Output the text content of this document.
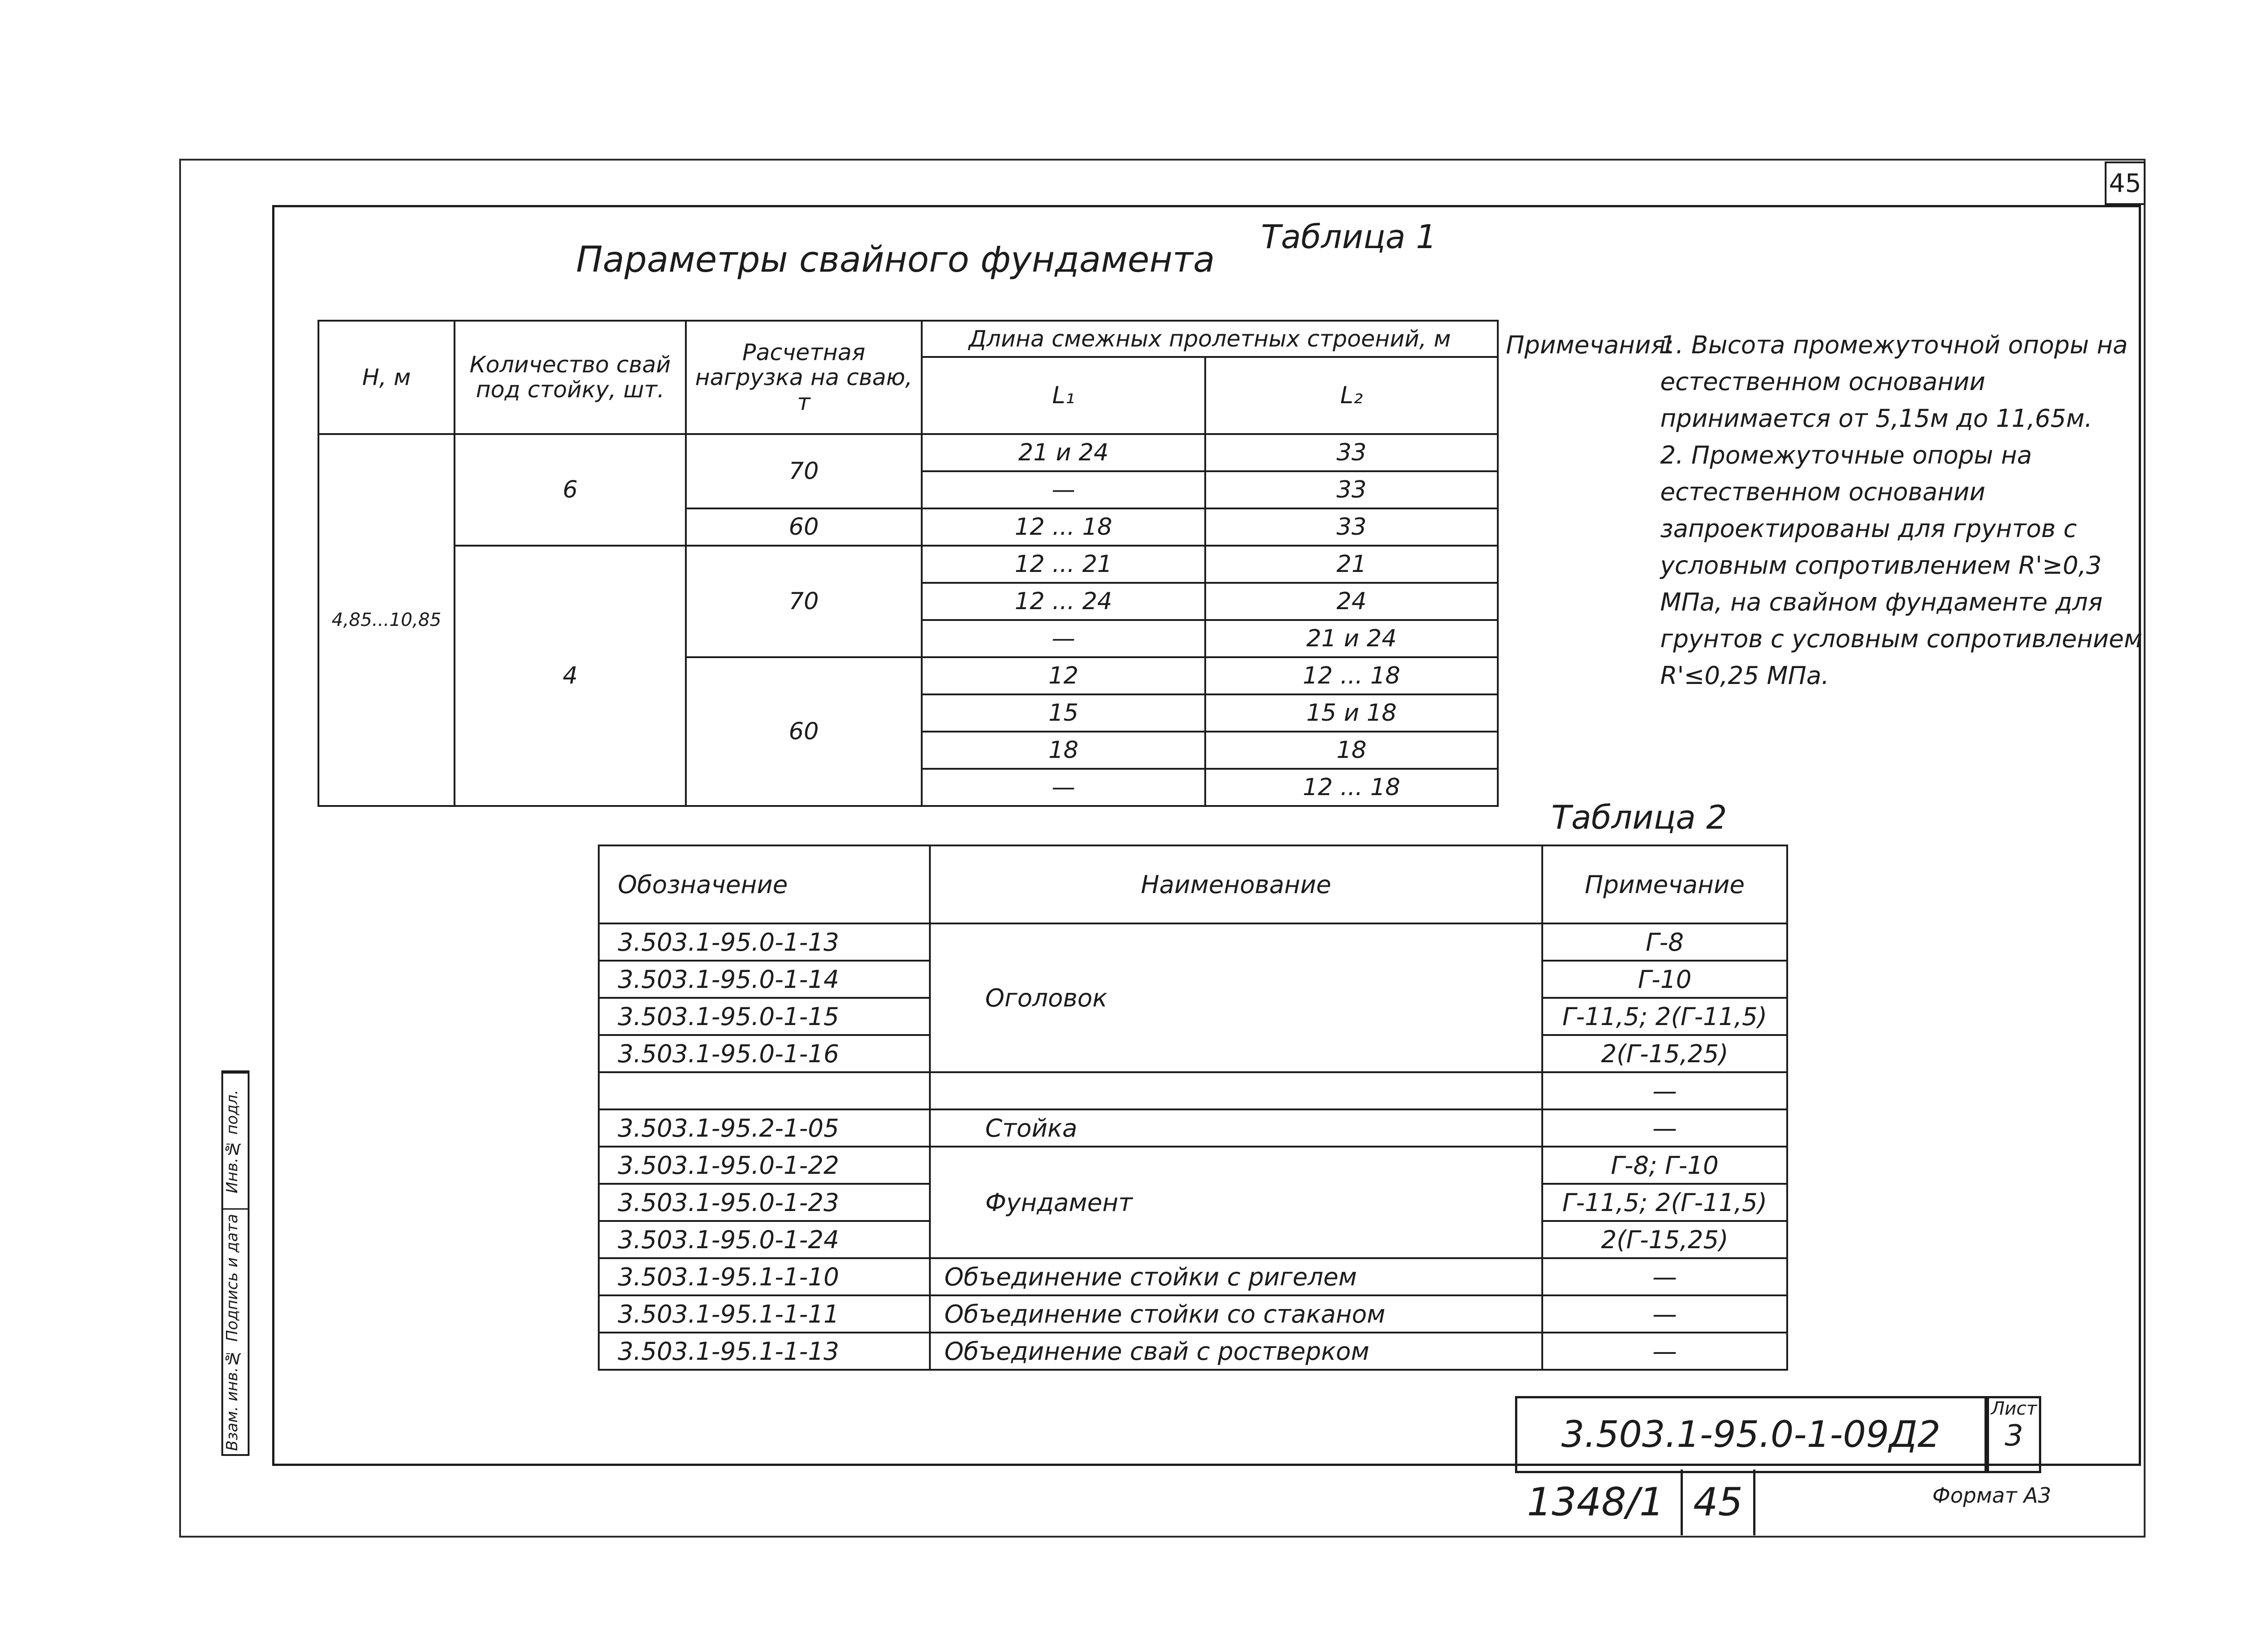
45
Параметры свайного фундамента
Таблица 1
Н, м	Количество свай под стойку, шт.	Расчетная нагрузка на сваю, т	Длина смежных пролетных строений, м	
			L₁	L₂
4,85...10,85	6	70	21 и 24	33
			—	33
		60	12 ... 18	33
	4	70	12 ... 21	21
			12 ... 24	24
			—	21 и 24
		60	12	12 ... 18
			15	15 и 18
			18	18
			—	12 ... 18
Примечания:
1. Высота промежуточной опоры на естественном основании принимается от 5,15м до 11,65м.
2. Промежуточные опоры на естественном основании запроектированы для грунтов с условным сопротивлением R'≥0,3 МПа, на свайном фундаменте для грунтов с условным сопротивлением R'≤0,25 МПа.
Таблица 2
Обозначение	Наименование	Примечание
3.503.1-95.0-1-13	Оголовок	Г-8
3.503.1-95.0-1-14		Г-10
3.503.1-95.0-1-15		Г-11,5; 2(Г-11,5)
3.503.1-95.0-1-16		2(Г-15,25)
		—
3.503.1-95.2-1-05	Стойка	—
3.503.1-95.0-1-22	Фундамент	Г-8; Г-10
3.503.1-95.0-1-23		Г-11,5; 2(Г-11,5)
3.503.1-95.0-1-24		2(Г-15,25)
3.503.1-95.1-1-10	Объединение стойки с ригелем	—
3.503.1-95.1-1-11	Объединение стойки со стаканом	—
3.503.1-95.1-1-13	Объединение свай с ростверком	—
Инв.№ подл.
Подпись и дата
Взам. инв.№	3.503.1-95.0-1-09Д2
Лист
3
1348/1 45	Формат А3
